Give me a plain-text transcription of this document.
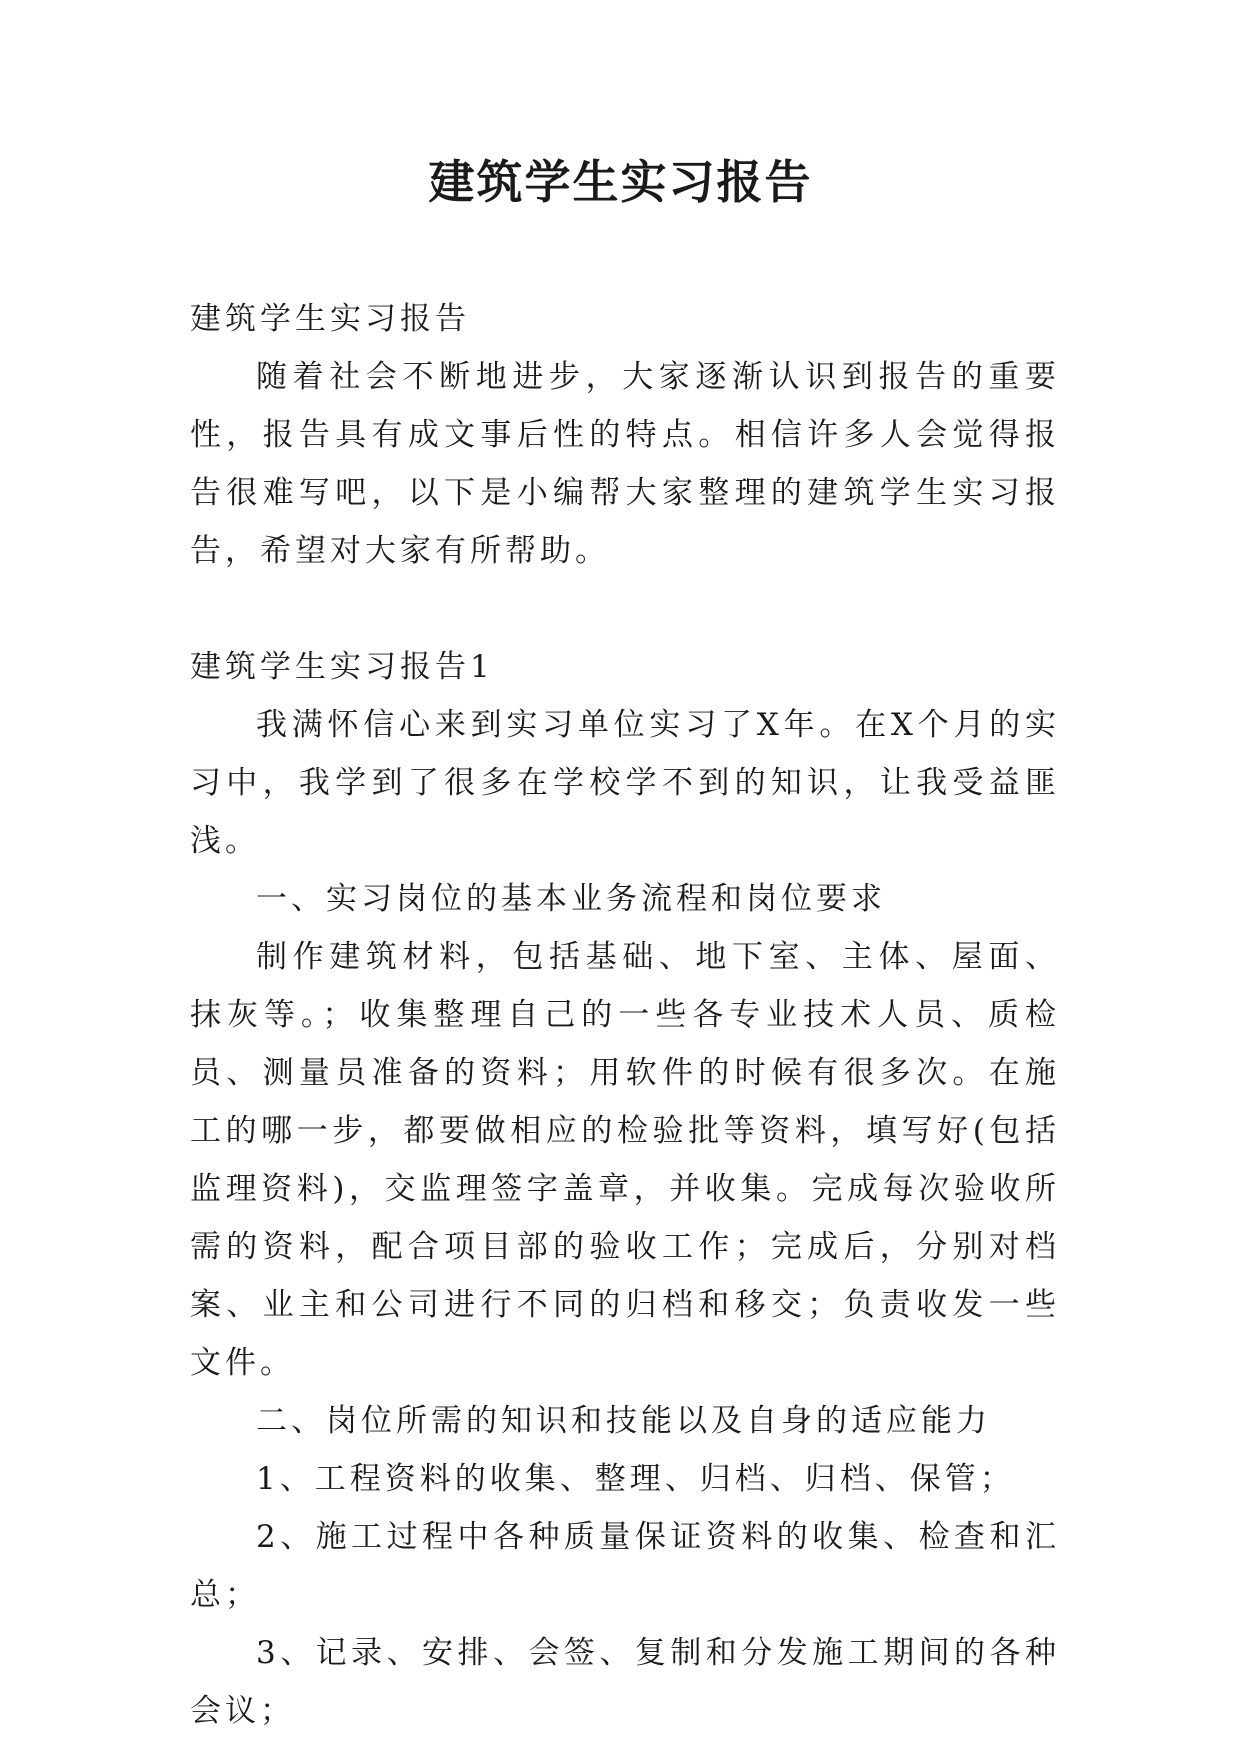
建筑学生实习报告

建筑学生实习报告

随着社会不断地进步，大家逐渐认识到报告的重要性，报告具有成文事后性的特点。相信许多人会觉得报告很难写吧，以下是小编帮大家整理的建筑学生实习报告，希望对大家有所帮助。

建筑学生实习报告1

我满怀信心来到实习单位实习了X年。在X个月的实习中，我学到了很多在学校学不到的知识，让我受益匪浅。

一、实习岗位的基本业务流程和岗位要求

制作建筑材料，包括基础、地下室、主体、屋面、抹灰等。；收集整理自己的一些各专业技术人员、质检员、测量员准备的资料；用软件的时候有很多次。在施工的哪一步，都要做相应的检验批等资料，填写好(包括监理资料)，交监理签字盖章，并收集。完成每次验收所需的资料，配合项目部的验收工作；完成后，分别对档案、业主和公司进行不同的归档和移交；负责收发一些文件。

二、岗位所需的知识和技能以及自身的适应能力

1、工程资料的收集、整理、归档、归档、保管；

2、施工过程中各种质量保证资料的收集、检查和汇总；

3、记录、安排、会签、复制和分发施工期间的各种会议；
